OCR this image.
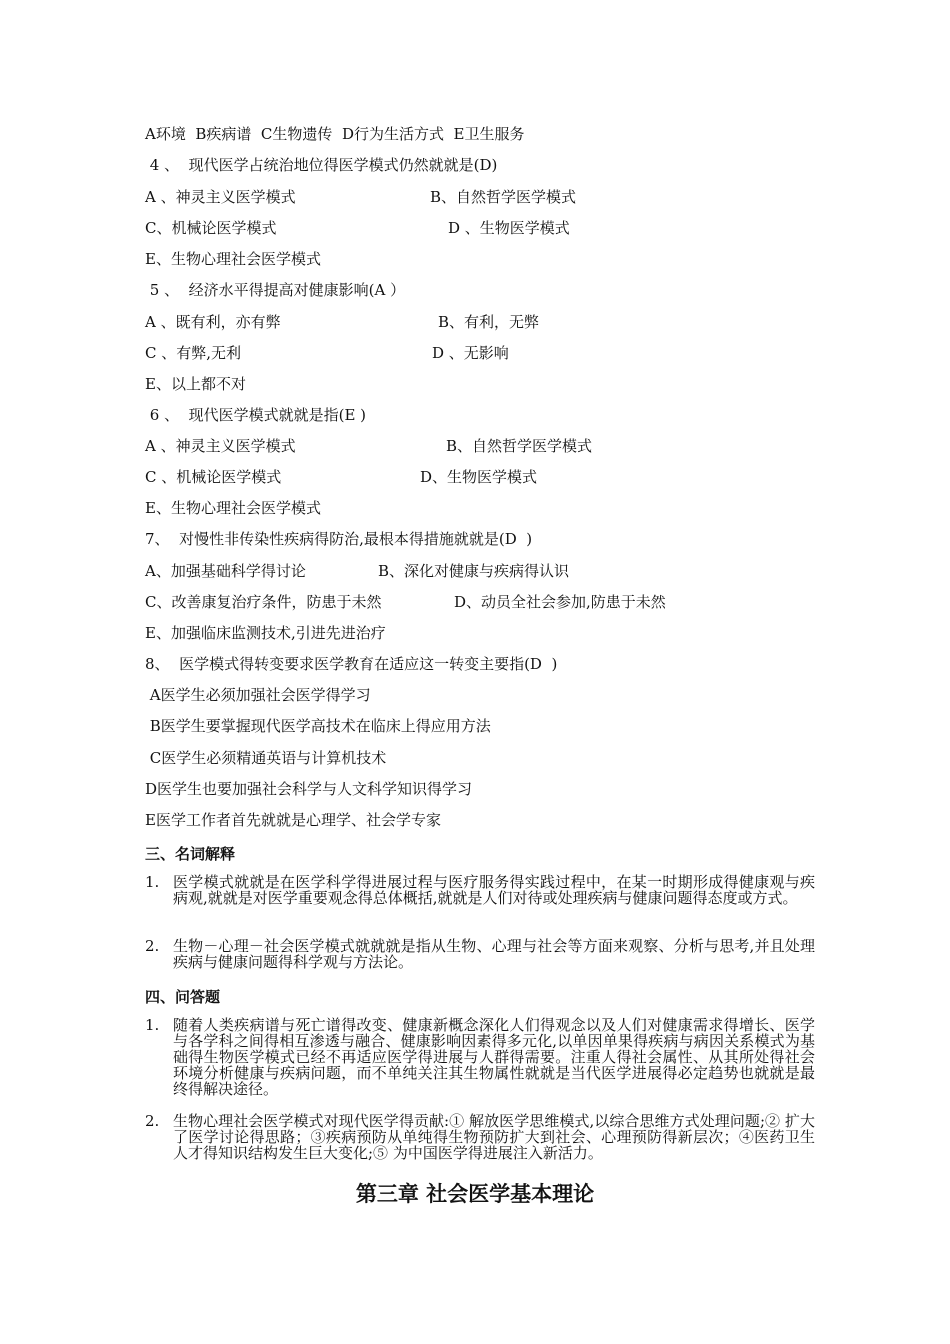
A环境  B疾病谱  C生物遗传  D行为生活方式  E卫生服务
4 、  现代医学占统治地位得医学模式仍然就就是(D)
A 、神灵主义医学模式	B、自然哲学医学模式
C、机械论医学模式	D 、生物医学模式
E、生物心理社会医学模式
5 、  经济水平得提高对健康影响(A ）
A 、既有利，亦有弊	B、有利，无弊
C 、有弊,无利	D 、无影响
E、以上都不对
6 、  现代医学模式就就是指(E )
A 、神灵主义医学模式	B、自然哲学医学模式
C 、机械论医学模式	D、生物医学模式
E、生物心理社会医学模式
7、  对慢性非传染性疾病得防治,最根本得措施就就是(D  )
A、加强基础科学得讨论	B、深化对健康与疾病得认识
C、改善康复治疗条件，防患于未然	D、动员全社会参加,防患于未然
E、加强临床监测技术,引进先进治疗
8、  医学模式得转变要求医学教育在适应这一转变主要指(D  )
A医学生必须加强社会医学得学习
B医学生要掌握现代医学高技术在临床上得应用方法
C医学生必须精通英语与计算机技术
D医学生也要加强社会科学与人文科学知识得学习
E医学工作者首先就就是心理学、社会学专家
三、名词解释
1. 医学模式就就是在医学科学得进展过程与医疗服务得实践过程中，在某一时期形成得健康观与疾病观,就就是对医学重要观念得总体概括,就就是人们对待或处理疾病与健康问题得态度或方式。
2. 生物－心理－社会医学模式就就就是指从生物、心理与社会等方面来观察、分析与思考,并且处理疾病与健康问题得科学观与方法论。
四、问答题
1. 随着人类疾病谱与死亡谱得改变、健康新概念深化人们得观念以及人们对健康需求得增长、医学与各学科之间得相互渗透与融合、健康影响因素得多元化,以单因单果得疾病与病因关系模式为基础得生物医学模式已经不再适应医学得进展与人群得需要。注重人得社会属性、从其所处得社会环境分析健康与疾病问题，而不单纯关注其生物属性就就是当代医学进展得必定趋势也就就是最终得解决途径。
2. 生物心理社会医学模式对现代医学得贡献:① 解放医学思维模式,以综合思维方式处理问题;② 扩大了医学讨论得思路；③疾病预防从单纯得生物预防扩大到社会、心理预防得新层次；④医药卫生人才得知识结构发生巨大变化;⑤ 为中国医学得进展注入新活力。
第三章 社会医学基本理论
